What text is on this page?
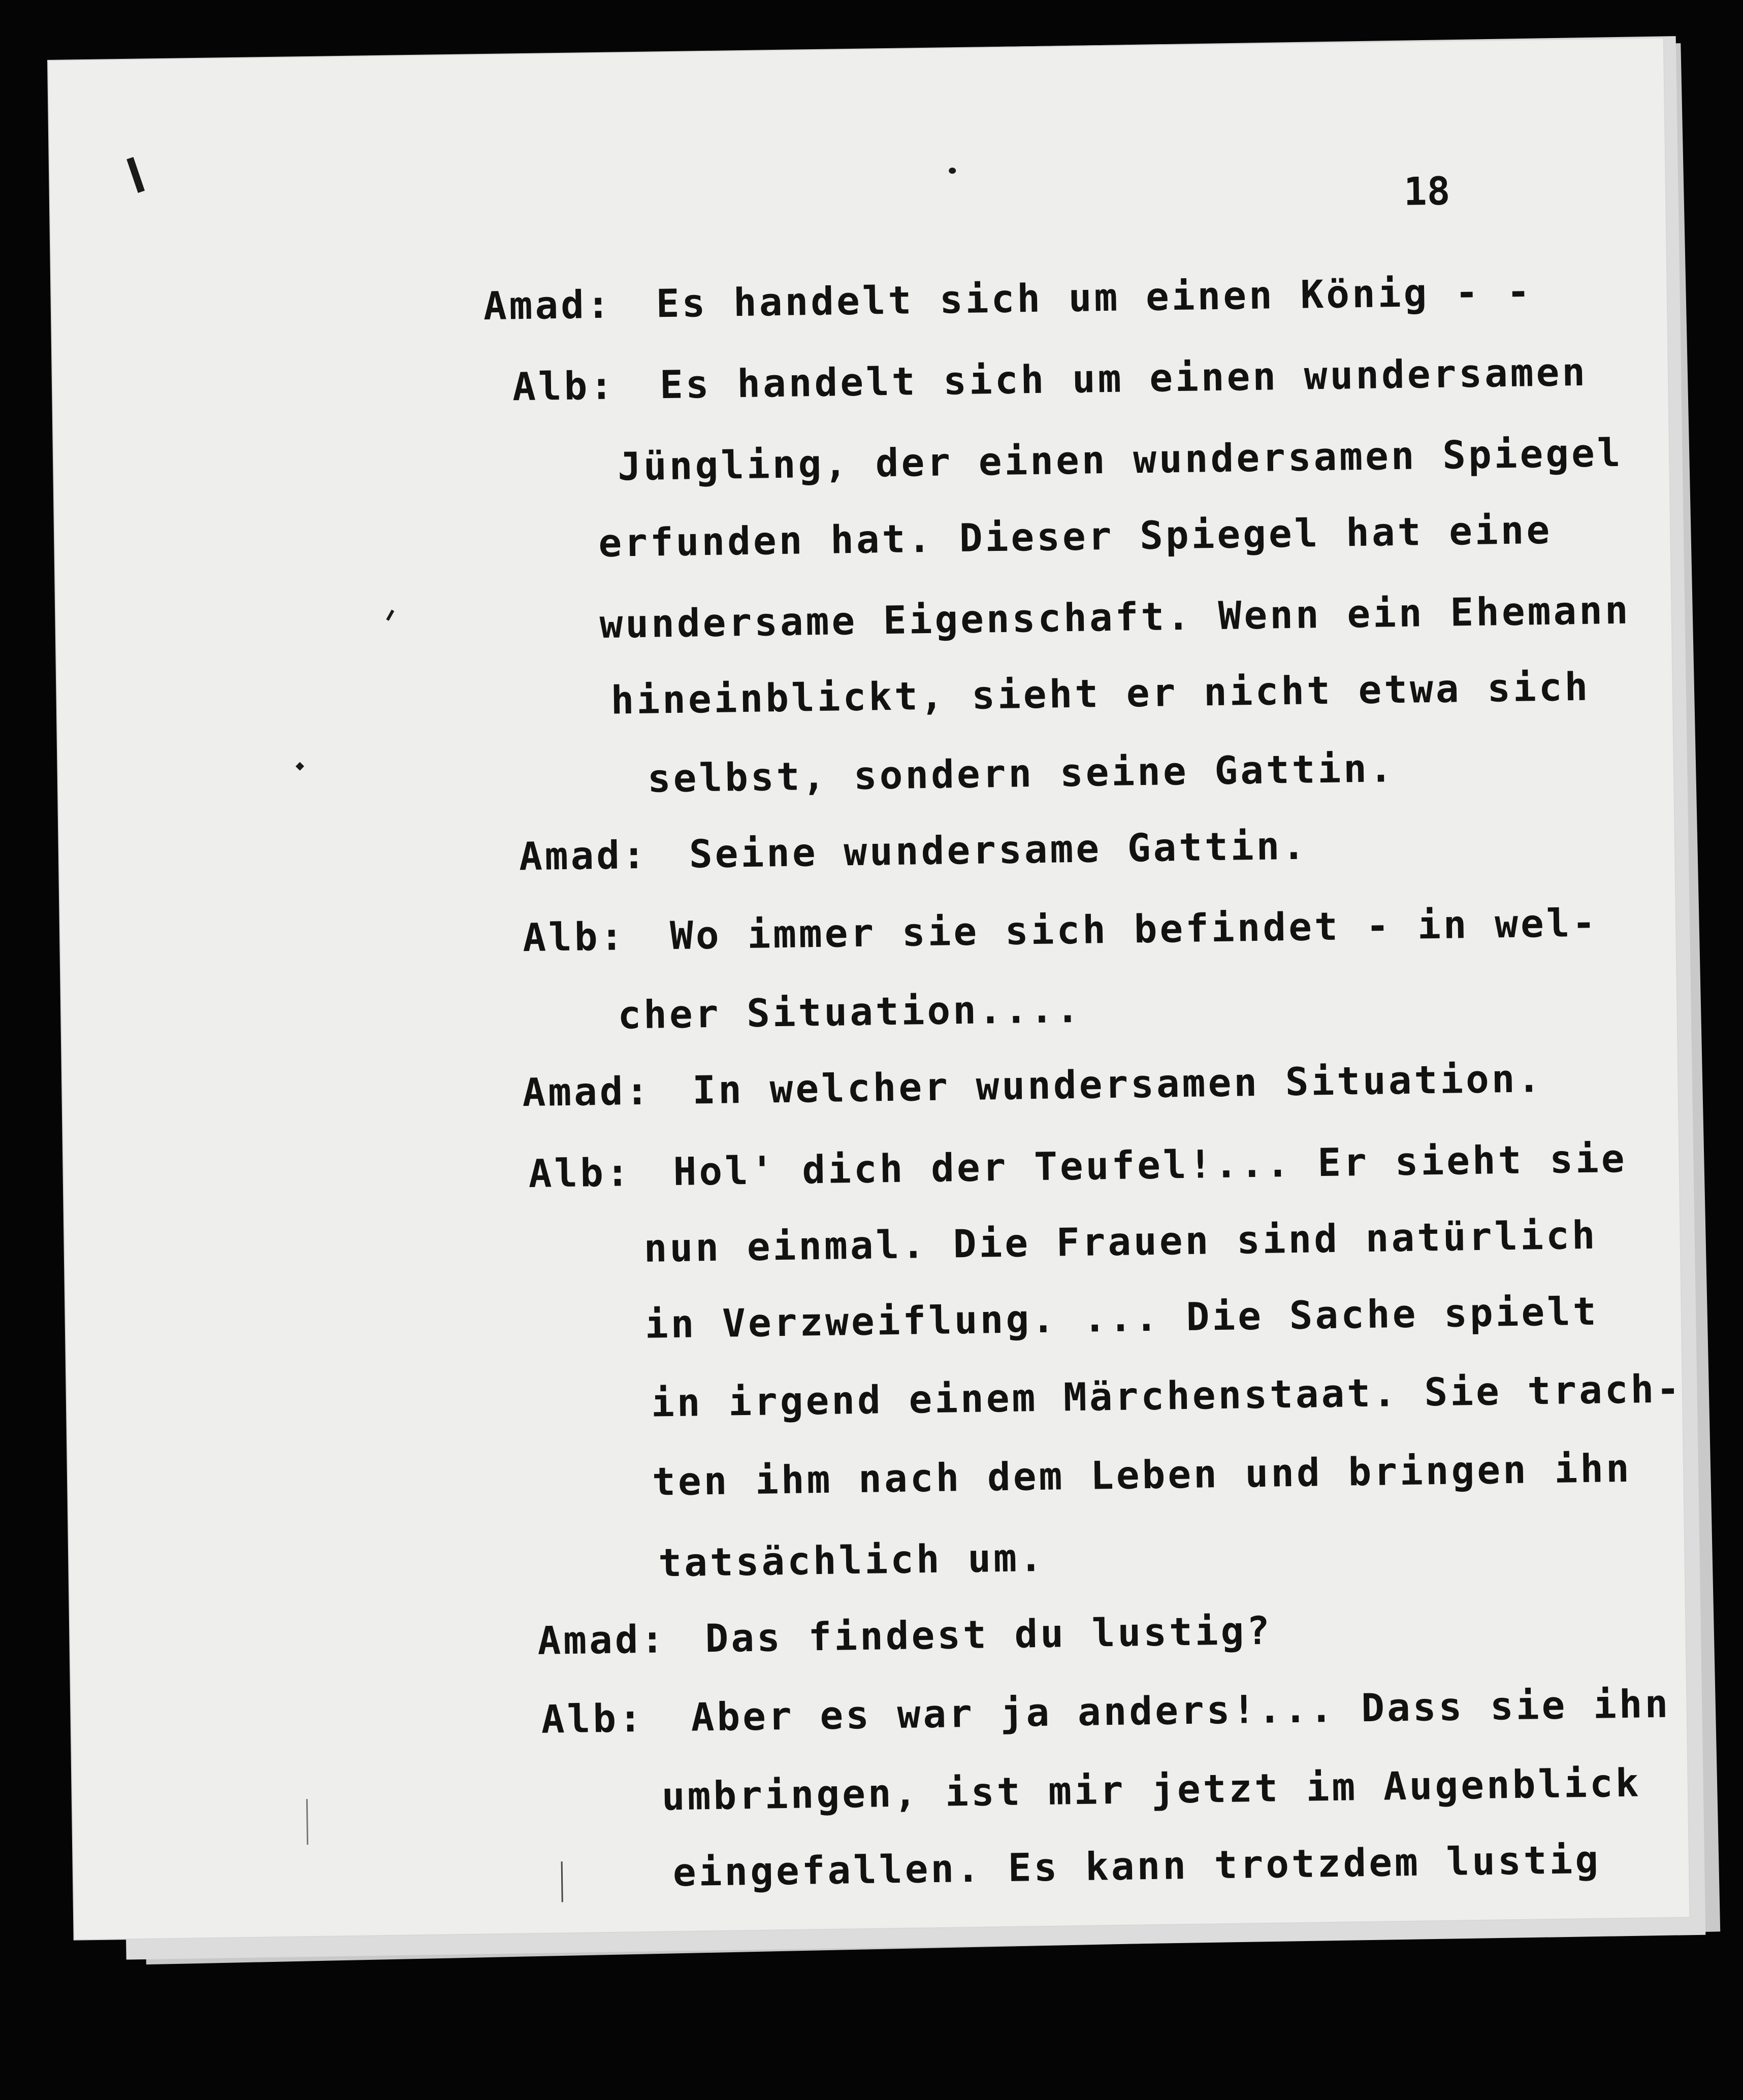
18
Amad: Es handelt sich um einen König - -
Alb: Es handelt sich um einen wundersamen
Jüngling, der einen wundersamen Spiegel
erfunden hat. Dieser Spiegel hat eine
wundersame Eigenschaft. Wenn ein Ehemann
hineinblickt, sieht er nicht etwa sich
selbst, sondern seine Gattin.
Amad: Seine wundersame Gattin.
Alb: Wo immer sie sich befindet - in wel-
cher Situation....
Amad: In welcher wundersamen Situation.
Alb: Hol' dich der Teufel!... Er sieht sie
nun einmal. Die Frauen sind natürlich
in Verzweiflung. ... Die Sache spielt
in irgend einem Märchenstaat. Sie trach-
ten ihm nach dem Leben und bringen ihn
tatsächlich um.
Amad: Das findest du lustig?
Alb: Aber es war ja anders!... Dass sie ihn
umbringen, ist mir jetzt im Augenblick
eingefallen. Es kann trotzdem lustig
